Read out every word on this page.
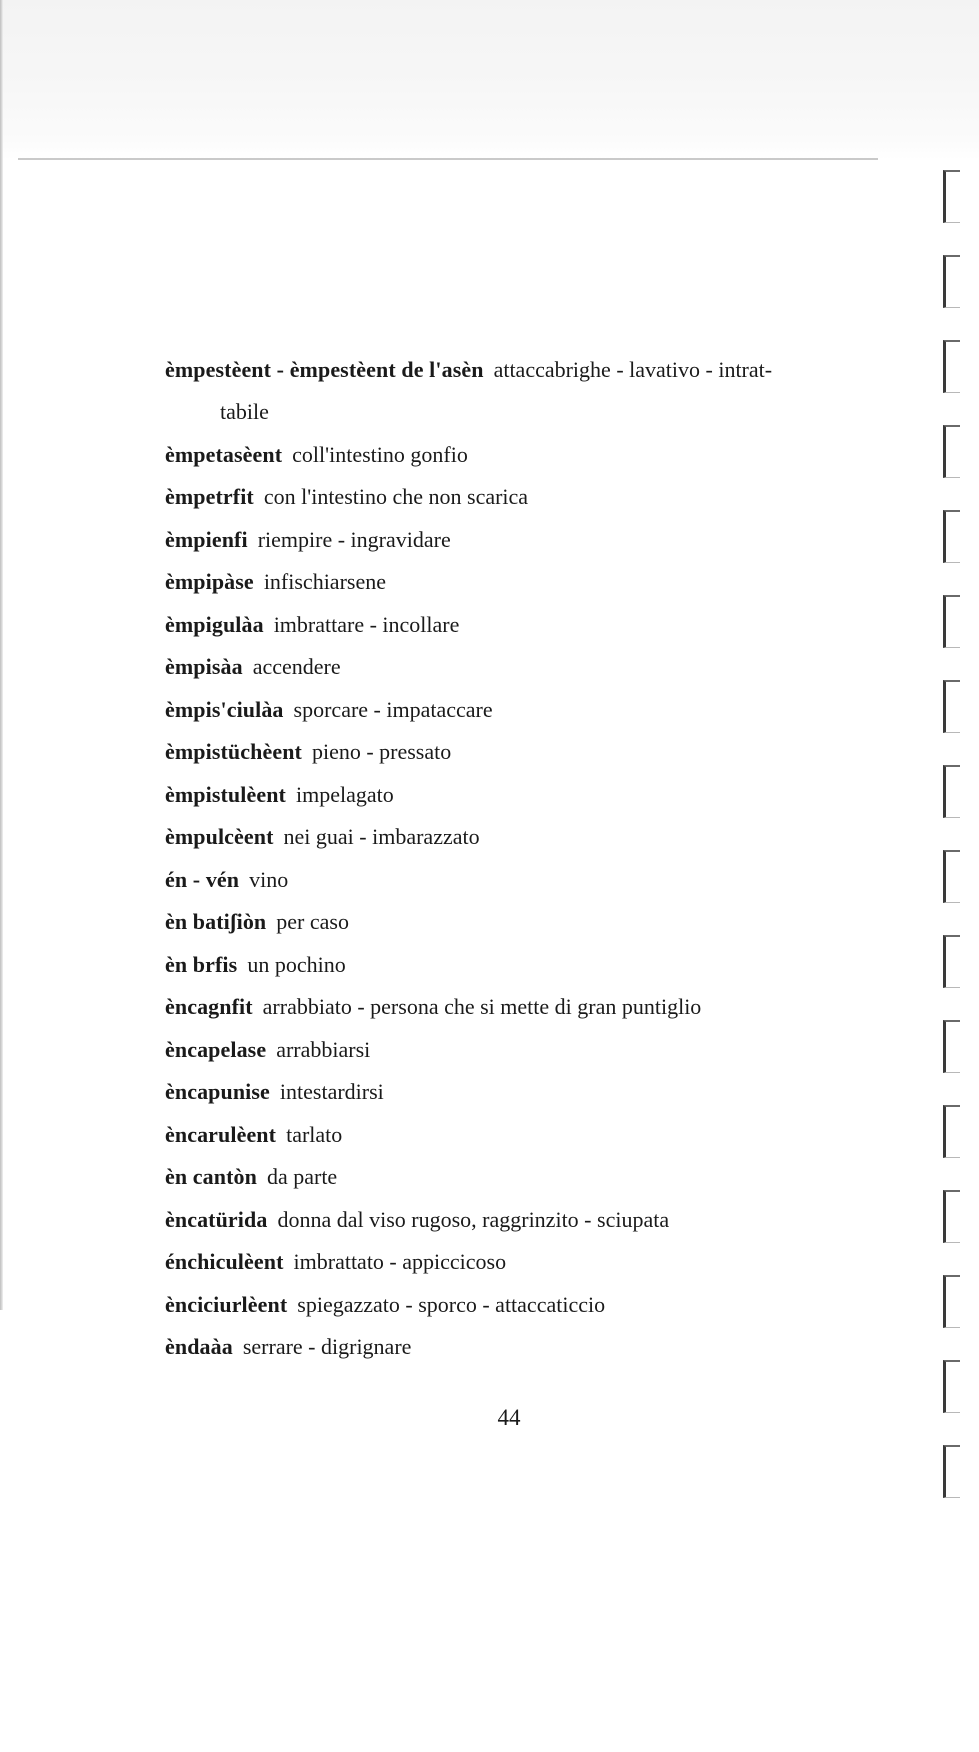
èmpestèent - èmpestèent de l'asèn attaccabrighe - lavativo - intrat-
tabile
èmpetasèent coll'intestino gonfio
èmpetrfit con l'intestino che non scarica
èmpienfi riempire - ingravidare
èmpipàse infischiarsene
èmpigulàa imbrattare - incollare
èmpisàa accendere
èmpis'ciulàa sporcare - impataccare
èmpistüchèent pieno - pressato
èmpistulèent impelagato
èmpulcèent nei guai - imbarazzato
én - vén vino
èn batiʃiòn per caso
èn brfis un pochino
èncagnfit arrabbiato - persona che si mette di gran puntiglio
èncapelase arrabbiarsi
èncapunise intestardirsi
èncarulèent tarlato
èn cantòn da parte
èncatürida donna dal viso rugoso, raggrinzito - sciupata
énchiculèent imbrattato - appiccicoso
ènciciurlèent spiegazzato - sporco - attaccaticcio
èndaàa serrare - digrignare
44
